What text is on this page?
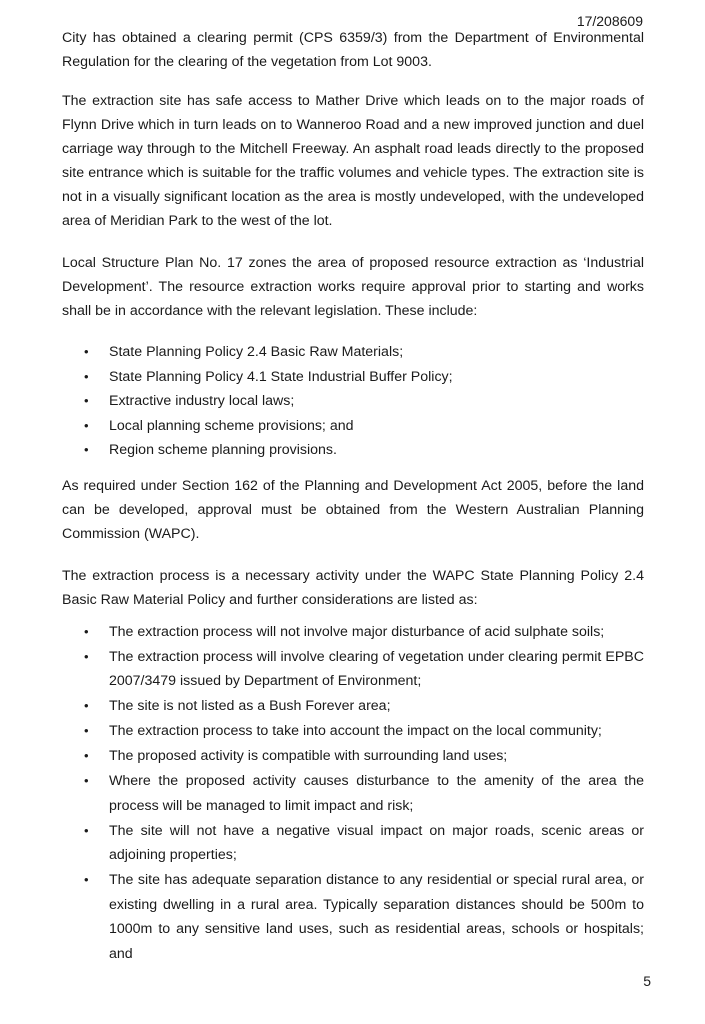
17/208609

City has obtained a clearing permit (CPS 6359/3) from the Department of Environmental Regulation for the clearing of the vegetation from Lot 9003.

The extraction site has safe access to Mather Drive which leads on to the major roads of Flynn Drive which in turn leads on to Wanneroo Road and a new improved junction and duel carriage way through to the Mitchell Freeway. An asphalt road leads directly to the proposed site entrance which is suitable for the traffic volumes and vehicle types. The extraction site is not in a visually significant location as the area is mostly undeveloped, with the undeveloped area of Meridian Park to the west of the lot.

Local Structure Plan No. 17 zones the area of proposed resource extraction as ‘Industrial Development’. The resource extraction works require approval prior to starting and works shall be in accordance with the relevant legislation. These include:

• State Planning Policy 2.4 Basic Raw Materials;
• State Planning Policy 4.1 State Industrial Buffer Policy;
• Extractive industry local laws;
• Local planning scheme provisions; and
• Region scheme planning provisions.

As required under Section 162 of the Planning and Development Act 2005, before the land can be developed, approval must be obtained from the Western Australian Planning Commission (WAPC).

The extraction process is a necessary activity under the WAPC State Planning Policy 2.4 Basic Raw Material Policy and further considerations are listed as:

• The extraction process will not involve major disturbance of acid sulphate soils;
• The extraction process will involve clearing of vegetation under clearing permit EPBC 2007/3479 issued by Department of Environment;
• The site is not listed as a Bush Forever area;
• The extraction process to take into account the impact on the local community;
• The proposed activity is compatible with surrounding land uses;
• Where the proposed activity causes disturbance to the amenity of the area the process will be managed to limit impact and risk;
• The site will not have a negative visual impact on major roads, scenic areas or adjoining properties;
• The site has adequate separation distance to any residential or special rural area, or existing dwelling in a rural area. Typically separation distances should be 500m to 1000m to any sensitive land uses, such as residential areas, schools or hospitals; and
5
